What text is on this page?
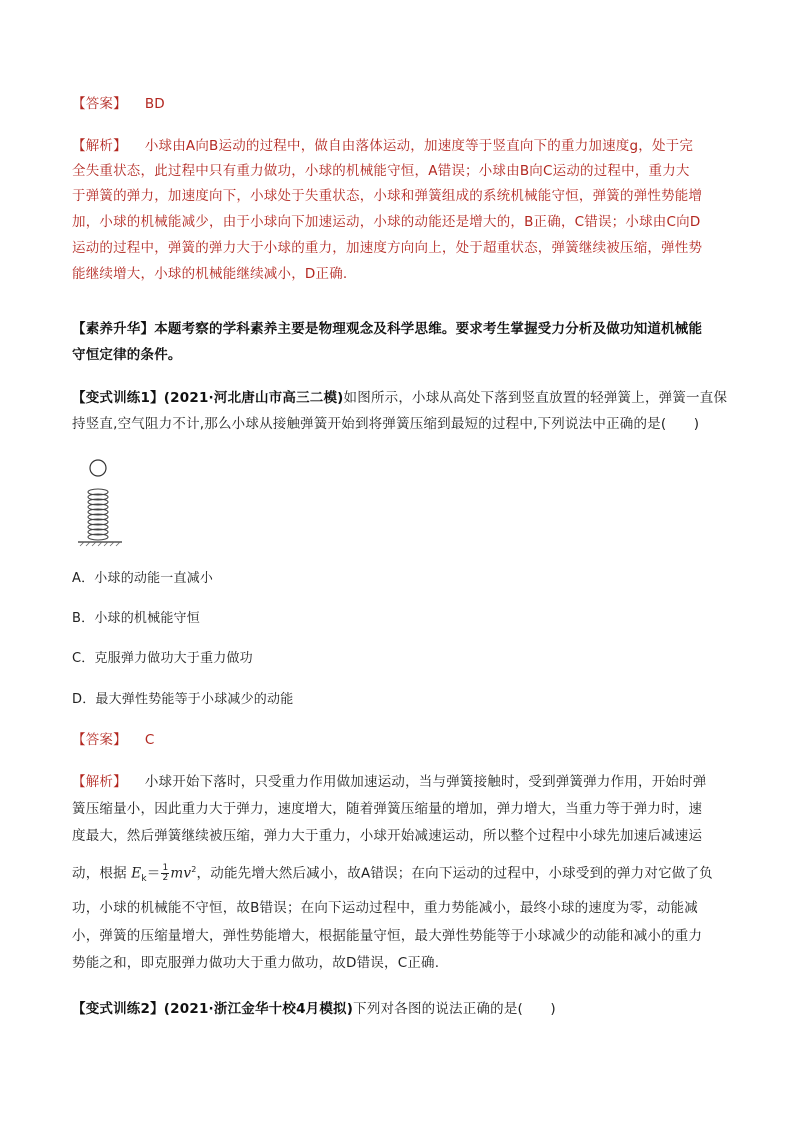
【答案】 BD
【解析】 小球由A向B运动的过程中，做自由落体运动，加速度等于竖直向下的重力加速度g，处于完
全失重状态，此过程中只有重力做功，小球的机械能守恒，A错误；小球由B向C运动的过程中，重力大
于弹簧的弹力，加速度向下，小球处于失重状态，小球和弹簧组成的系统机械能守恒，弹簧的弹性势能增
加，小球的机械能减少，由于小球向下加速运动，小球的动能还是增大的，B正确，C错误；小球由C向D
运动的过程中，弹簧的弹力大于小球的重力，加速度方向向上，处于超重状态，弹簧继续被压缩，弹性势
能继续增大，小球的机械能继续减小，D正确.
【素养升华】本题考察的学科素养主要是物理观念及科学思维。要求考生掌握受力分析及做功知道机械能
守恒定律的条件。
【变式训练1】(2021·河北唐山市高三二模)如图所示，小球从高处下落到竖直放置的轻弹簧上，弹簧一直保
持竖直,空气阻力不计,那么小球从接触弹簧开始到将弹簧压缩到最短的过程中,下列说法中正确的是(　　)
A．小球的动能一直减小
B．小球的机械能守恒
C．克服弹力做功大于重力做功
D．最大弹性势能等于小球减少的动能
【答案】 C
【解析】 小球开始下落时，只受重力作用做加速运动，当与弹簧接触时，受到弹簧弹力作用，开始时弹
簧压缩量小，因此重力大于弹力，速度增大，随着弹簧压缩量的增加，弹力增大，当重力等于弹力时，速
度最大，然后弹簧继续被压缩，弹力大于重力，小球开始减速运动，所以整个过程中小球先加速后减速运
动，根据 $E_k= \frac{1}{2} mv^2$，动能先增大然后减小，故A错误；在向下运动的过程中，小球受到的弹力对它做了负
功，小球的机械能不守恒，故B错误；在向下运动过程中，重力势能减小，最终小球的速度为零，动能减
小，弹簧的压缩量增大，弹性势能增大，根据能量守恒，最大弹性势能等于小球减少的动能和减小的重力
势能之和，即克服弹力做功大于重力做功，故D错误，C正确.
【变式训练2】(2021·浙江金华十校4月模拟)下列对各图的说法正确的是(　　)
